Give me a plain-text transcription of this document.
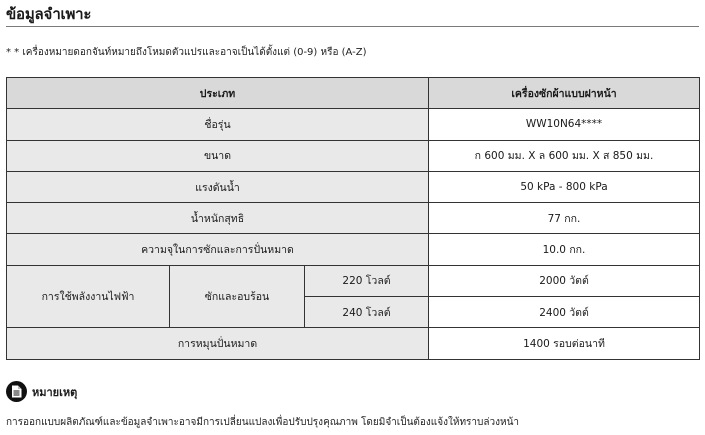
ข้อมูลจำเพาะ
* * เครื่องหมายดอกจันท์หมายถึงโหมดตัวแปรและอาจเป็นได้ตั้งแต่ (0-9) หรือ (A-Z)
ประเภท			เครื่องซักผ้าแบบฝาหน้า
ชื่อรุ่น			WW10N64****
ขนาด			ก 600 มม. X ล 600 มม. X ส 850 มม.
แรงดันน้ำ			50 kPa - 800 kPa
น้ำหนักสุทธิ			77 กก.
ความจุในการซักและการปั่นหมาด			10.0 กก.
การใช้พลังงานไฟฟ้า	ซักและอบร้อน	220 โวลต์	2000 วัตต์
		240 โวลต์	2400 วัตต์
การหมุนปั่นหมาด			1400 รอบต่อนาที
หมายเหตุ
การออกแบบผลิตภัณฑ์และข้อมูลจำเพาะอาจมีการเปลี่ยนแปลงเพื่อปรับปรุงคุณภาพ โดยมิจำเป็นต้องแจ้งให้ทราบล่วงหน้า
